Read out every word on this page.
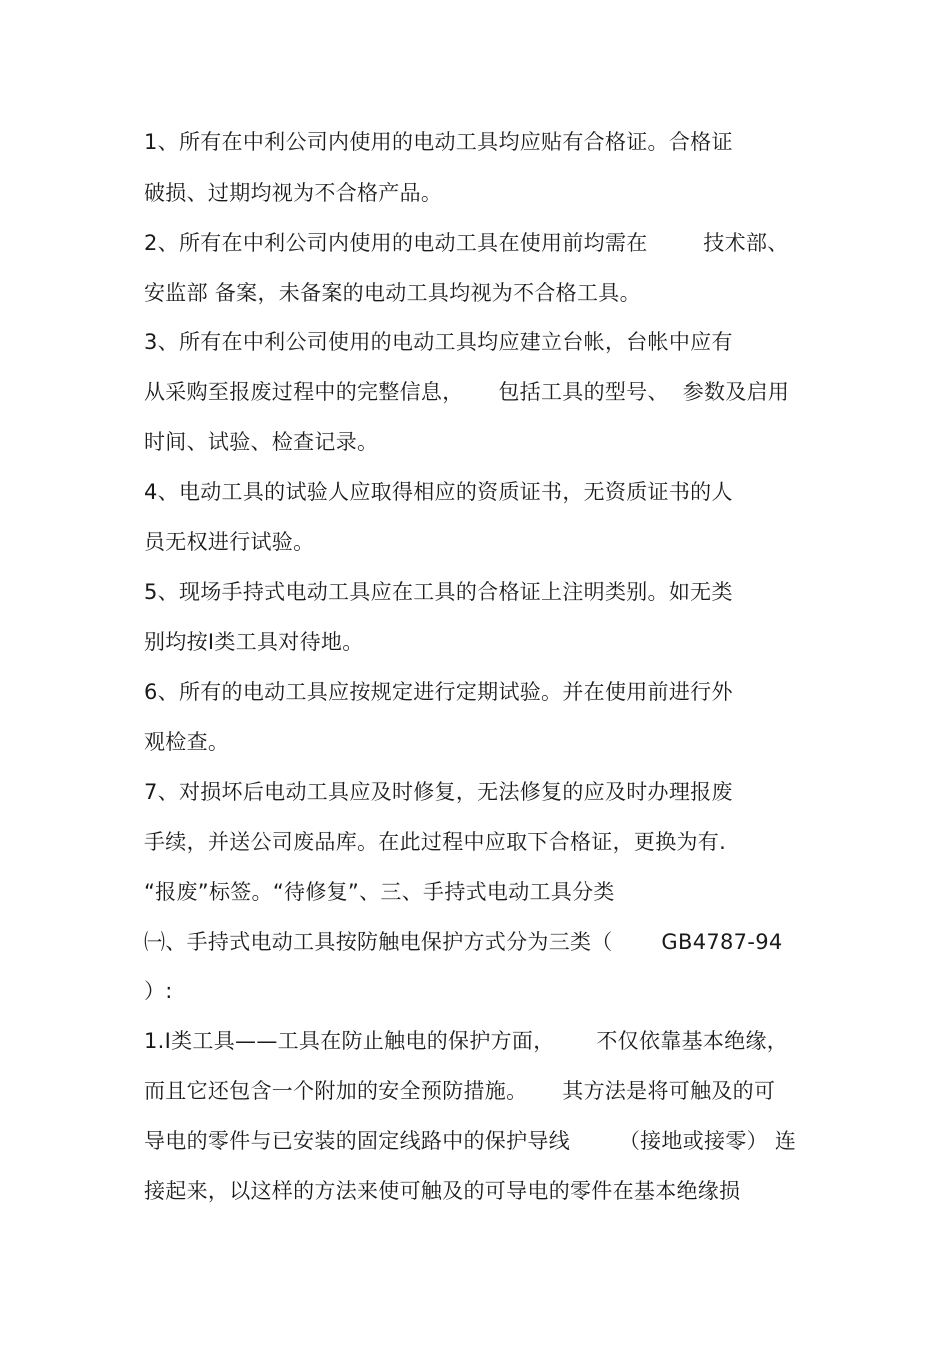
1、所有在中利公司内使用的电动工具均应贴有合格证。合格证
破损、过期均视为不合格产品。
2、所有在中利公司内使用的电动工具在使用前均需在        技术部、
安监部 备案，未备案的电动工具均视为不合格工具。
3、所有在中利公司使用的电动工具均应建立台帐，台帐中应有
从采购至报废过程中的完整信息，     包括工具的型号、  参数及启用
时间、试验、检查记录。
4、电动工具的试验人应取得相应的资质证书，无资质证书的人
员无权进行试验。
5、现场手持式电动工具应在工具的合格证上注明类别。如无类
别均按Ⅰ类工具对待地。
6、所有的电动工具应按规定进行定期试验。并在使用前进行外
观检查。
7、对损坏后电动工具应及时修复，无法修复的应及时办理报废
手续，并送公司废品库。在此过程中应取下合格证，更换为有.
“报废”标签。“待修复”、三、手持式电动工具分类
㈠、手持式电动工具按防触电保护方式分为三类（       GB4787-94
）:
1.Ⅰ类工具——工具在防止触电的保护方面，      不仅依靠基本绝缘，
而且它还包含一个附加的安全预防措施。     其方法是将可触及的可
导电的零件与已安装的固定线路中的保护导线       （接地或接零） 连
接起来，以这样的方法来使可触及的可导电的零件在基本绝缘损
